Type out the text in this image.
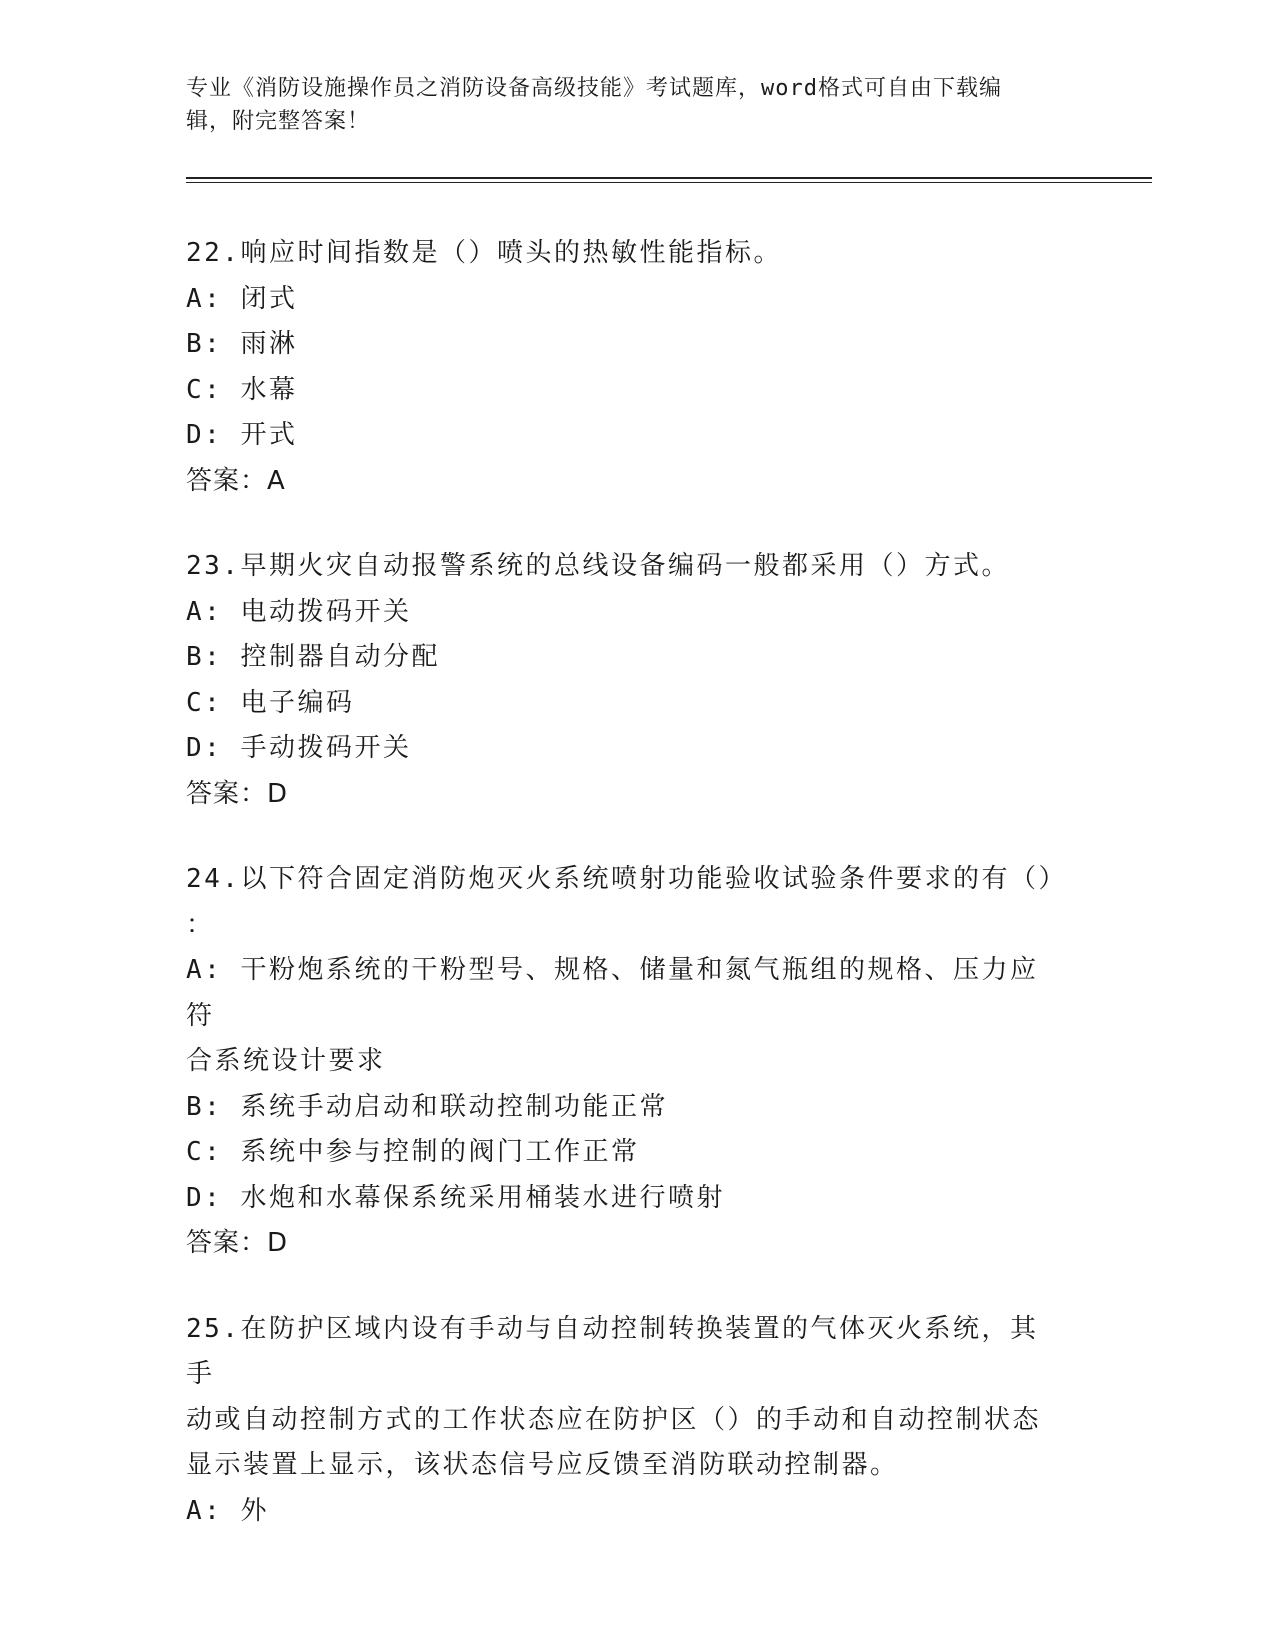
专业《消防设施操作员之消防设备高级技能》考试题库，word格式可自由下载编
辑，附完整答案！
22.响应时间指数是（）喷头的热敏性能指标。
A: 闭式
B: 雨淋
C: 水幕
D: 开式
答案：A
23.早期火灾自动报警系统的总线设备编码一般都采用（）方式。
A: 电动拨码开关
B: 控制器自动分配
C: 电子编码
D: 手动拨码开关
答案：D
24.以下符合固定消防炮灭火系统喷射功能验收试验条件要求的有（）
：
A: 干粉炮系统的干粉型号、规格、储量和氮气瓶组的规格、压力应符
合系统设计要求
B: 系统手动启动和联动控制功能正常
C: 系统中参与控制的阀门工作正常
D: 水炮和水幕保系统采用桶装水进行喷射
答案：D
25.在防护区域内设有手动与自动控制转换装置的气体灭火系统，其手
动或自动控制方式的工作状态应在防护区（）的手动和自动控制状态
显示装置上显示，该状态信号应反馈至消防联动控制器。
A: 外
